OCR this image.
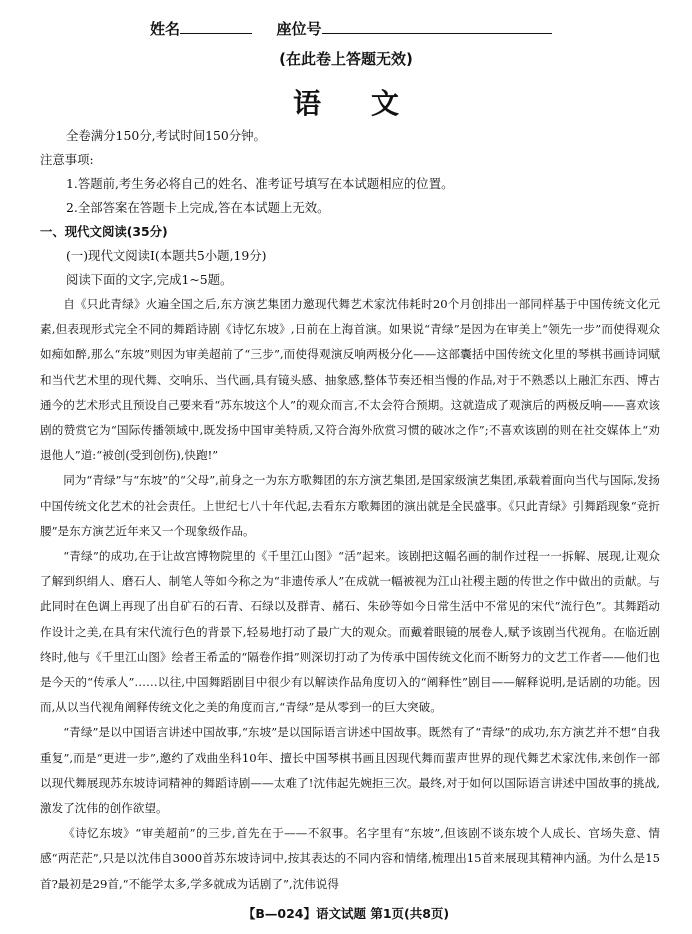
姓名	座位号
(在此卷上答题无效)
语文

全卷满分150分,考试时间150分钟。

注意事项:

1.答题前,考生务必将自己的姓名、准考证号填写在本试题相应的位置。

2.全部答案在答题卡上完成,答在本试题上无效。

一、现代文阅读(35分)

(一)现代文阅读Ⅰ(本题共5小题,19分)

阅读下面的文字,完成1~5题。

自《只此青绿》火遍全国之后,东方演艺集团力邀现代舞艺术家沈伟耗时20个月创排出一部同样基于中国传统文化元素,但表现形式完全不同的舞蹈诗剧《诗忆东坡》,日前在上海首演。如果说“青绿”是因为在审美上“领先一步”而使得观众如痴如醉,那么“东坡”则因为审美超前了“三步”,而使得观演反响两极分化——这部囊括中国传统文化里的琴棋书画诗词赋和当代艺术里的现代舞、交响乐、当代画,具有镜头感、抽象感,整体节奏还相当慢的作品,对于不熟悉以上融汇东西、博古通今的艺术形式且预设自己要来看“苏东坡这个人”的观众而言,不太会符合预期。这就造成了观演后的两极反响——喜欢该剧的赞赏它为“国际传播领域中,既发扬中国审美特质,又符合海外欣赏习惯的破冰之作”;不喜欢该剧的则在社交媒体上“劝退他人”道:“被创(受到创伤),快跑!”

同为“青绿”与“东坡”的“父母”,前身之一为东方歌舞团的东方演艺集团,是国家级演艺集团,承载着面向当代与国际,发扬中国传统文化艺术的社会责任。上世纪七八十年代起,去看东方歌舞团的演出就是全民盛事。《只此青绿》引舞蹈现象“竞折腰”是东方演艺近年来又一个现象级作品。

“青绿”的成功,在于让故宫博物院里的《千里江山图》“活”起来。该剧把这幅名画的制作过程一一拆解、展现,让观众了解到织绢人、磨石人、制笔人等如今称之为“非遗传承人”在成就一幅被视为江山社稷主题的传世之作中做出的贡献。与此同时在色调上再现了出自矿石的石青、石绿以及群青、赭石、朱砂等如今日常生活中不常见的宋代“流行色”。其舞蹈动作设计之美,在具有宋代流行色的背景下,轻易地打动了最广大的观众。而戴着眼镜的展卷人,赋予该剧当代视角。在临近剧终时,他与《千里江山图》绘者王希孟的“隔卷作揖”则深切打动了为传承中国传统文化而不断努力的文艺工作者——他们也是今天的“传承人”……以往,中国舞蹈剧目中很少有以解读作品角度切入的“阐释性”剧目——解释说明,是话剧的功能。因而,从以当代视角阐释传统文化之美的角度而言,“青绿”是从零到一的巨大突破。

“青绿”是以中国语言讲述中国故事,“东坡”是以国际语言讲述中国故事。既然有了“青绿”的成功,东方演艺并不想“自我重复”,而是“更进一步”,邀约了戏曲坐科10年、擅长中国琴棋书画且因现代舞而蜚声世界的现代舞艺术家沈伟,来创作一部以现代舞展现苏东坡诗词精神的舞蹈诗剧——太难了!沈伟起先婉拒三次。最终,对于如何以国际语言讲述中国故事的挑战,激发了沈伟的创作欲望。

《诗忆东坡》“审美超前”的三步,首先在于——不叙事。名字里有“东坡”,但该剧不谈东坡个人成长、官场失意、情感“两茫茫”,只是以沈伟自3000首苏东坡诗词中,按其表达的不同内容和情绪,梳理出15首来展现其精神内涵。为什么是15首?最初是29首,“不能学太多,学多就成为话剧了”,沈伟说得

【B—024】语文试题 第1页(共8页)
